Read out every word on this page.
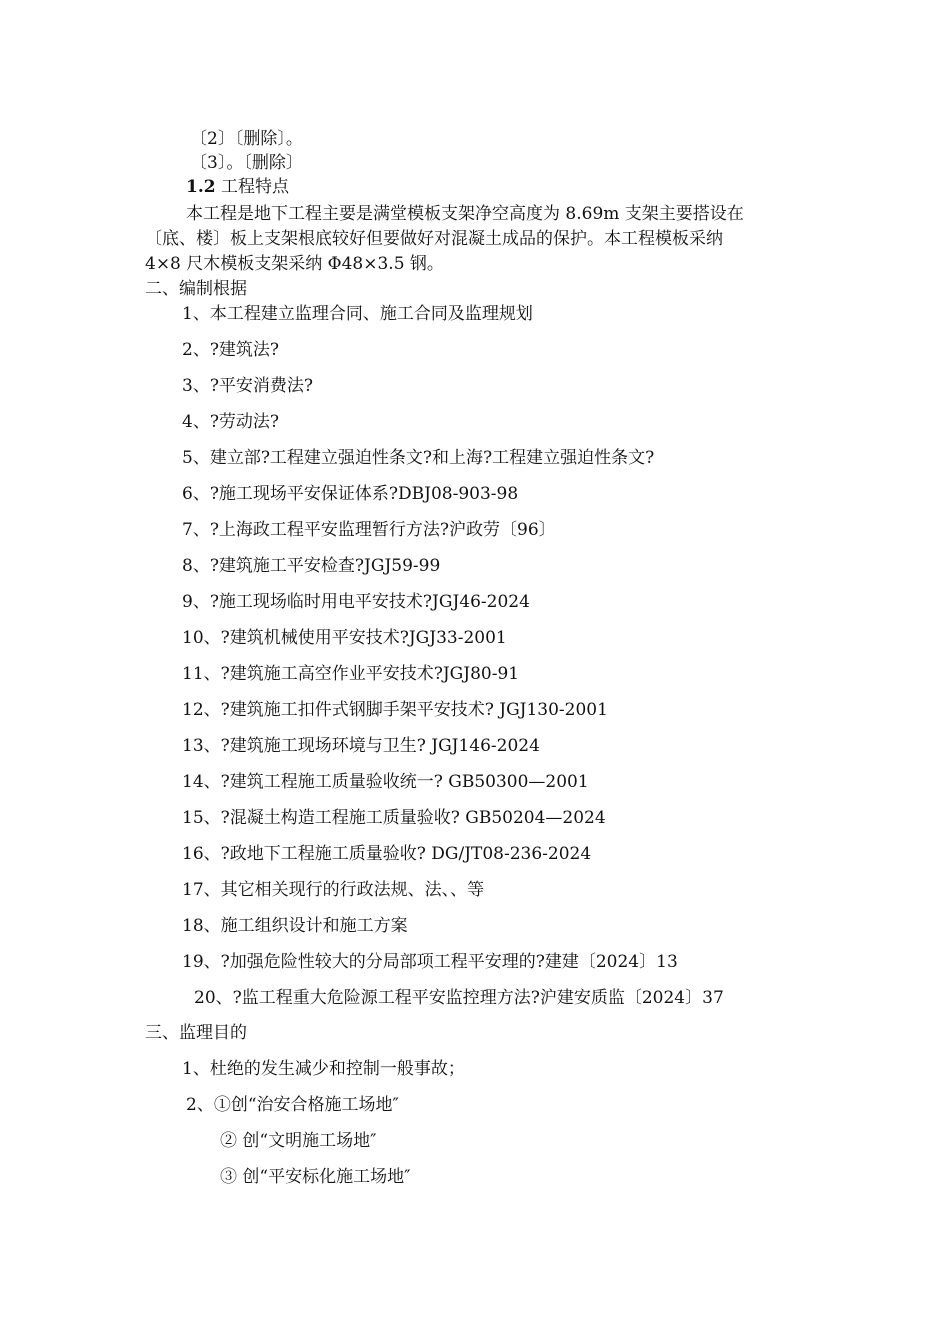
〔2〕〔删除〕。
〔3〕。〔删除〕
1.2 工程特点
本工程是地下工程主要是满堂模板支架净空高度为 8.69m 支架主要搭设在
〔底、楼〕板上支架根底较好但要做好对混凝土成品的保护。本工程模板采纳
4×8 尺木模板支架采纳 Φ48×3.5 钢。
二、编制根据
1、本工程建立监理合同、施工合同及监理规划
2、?建筑法?
3、?平安消费法?
4、?劳动法?
5、建立部?工程建立强迫性条文?和上海?工程建立强迫性条文?
6、?施工现场平安保证体系?DBJ08-903-98
7、?上海政工程平安监理暂行方法?沪政劳〔96〕
8、?建筑施工平安检查?JGJ59-99
9、?施工现场临时用电平安技术?JGJ46-2024
10、?建筑机械使用平安技术?JGJ33-2001
11、?建筑施工高空作业平安技术?JGJ80-91
12、?建筑施工扣件式钢脚手架平安技术? JGJ130-2001
13、?建筑施工现场环境与卫生? JGJ146-2024
14、?建筑工程施工质量验收统一? GB50300—2001
15、?混凝土构造工程施工质量验收? GB50204—2024
16、?政地下工程施工质量验收? DG/JT08-236-2024
17、其它相关现行的行政法规、法、、等
18、施工组织设计和施工方案
19、?加强危险性较大的分局部项工程平安理的?建建〔2024〕13
20、?监工程重大危险源工程平安监控理方法?沪建安质监〔2024〕37
三、监理目的
1、杜绝的发生减少和控制一般事故；
2、①创“治安合格施工场地″
② 创“文明施工场地″
③ 创“平安标化施工场地″
